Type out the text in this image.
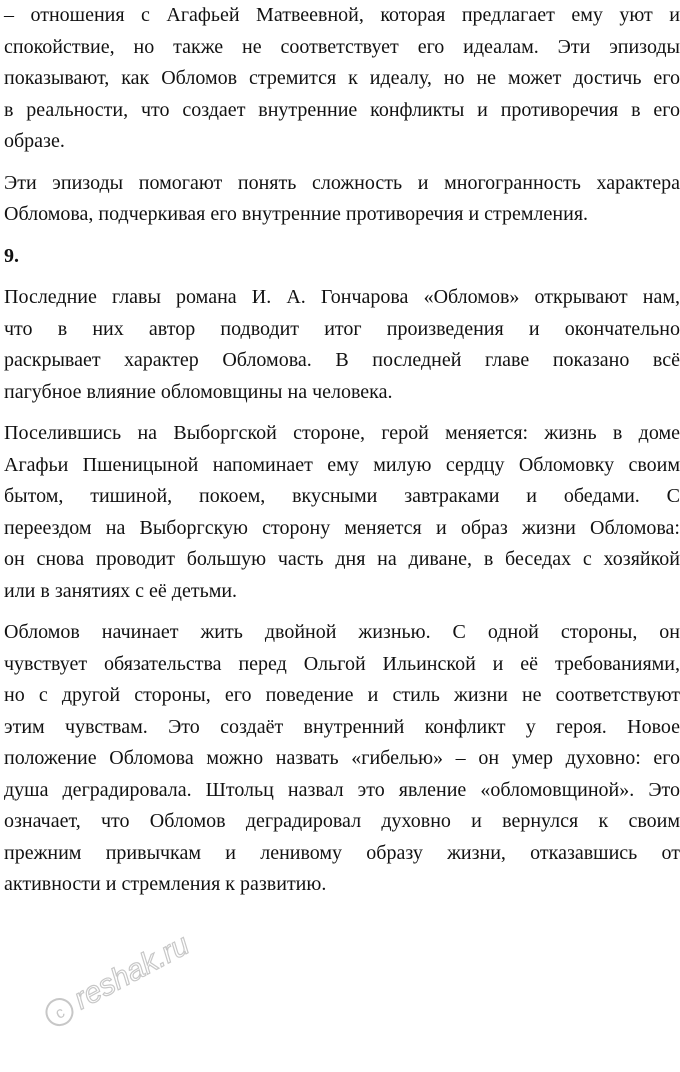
– отношения с Агафьей Матвеевной, которая предлагает ему уют и
спокойствие, но также не соответствует его идеалам. Эти эпизоды
показывают, как Обломов стремится к идеалу, но не может достичь его
в реальности, что создает внутренние конфликты и противоречия в его
образе.

Эти эпизоды помогают понять сложность и многогранность характера
Обломова, подчеркивая его внутренние противоречия и стремления.

9.

Последние главы романа И. А. Гончарова «Обломов» открывают нам,
что в них автор подводит итог произведения и окончательно
раскрывает характер Обломова. В последней главе показано всё
пагубное влияние обломовщины на человека.

Поселившись на Выборгской стороне, герой меняется: жизнь в доме
Агафьи Пшеницыной напоминает ему милую сердцу Обломовку своим
бытом, тишиной, покоем, вкусными завтраками и обедами. С
переездом на Выборгскую сторону меняется и образ жизни Обломова:
он снова проводит большую часть дня на диване, в беседах с хозяйкой
или в занятиях с её детьми.

Обломов начинает жить двойной жизнью. С одной стороны, он
чувствует обязательства перед Ольгой Ильинской и её требованиями,
но с другой стороны, его поведение и стиль жизни не соответствуют
этим чувствам. Это создаёт внутренний конфликт у героя. Новое
положение Обломова можно назвать «гибелью» – он умер духовно: его
душа деградировала. Штольц назвал это явление «обломовщиной». Это
означает, что Обломов деградировал духовно и вернулся к своим
прежним привычкам и ленивому образу жизни, отказавшись от
активности и стремления к развитию.

c reshak.ru
